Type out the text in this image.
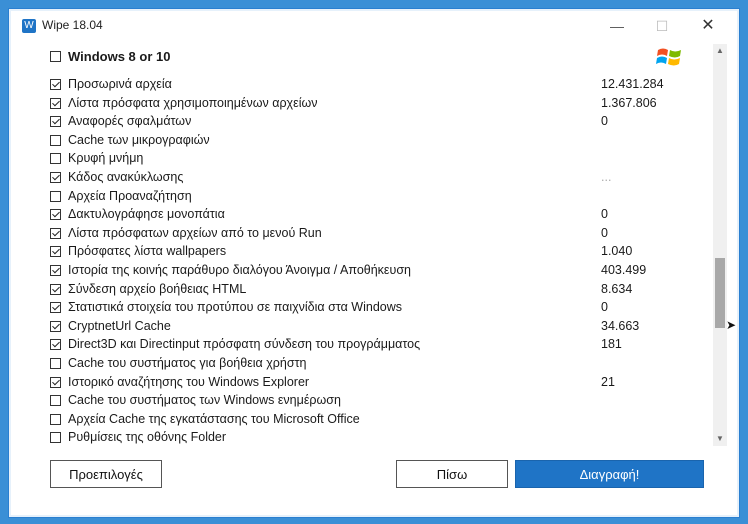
W Wipe 18.04	—	☐	✕
Windows 8 or 10
Προσωρινά αρχεία	12.431.284
Λίστα πρόσφατα χρησιμοποιημένων αρχείων	1.367.806
Αναφορές σφαλμάτων	0
Cache των μικρογραφιών
Κρυφή μνήμη
Κάδος ανακύκλωσης	...
Αρχεία Προαναζήτηση
Δακτυλογράφησε μονοπάτια	0
Λίστα πρόσφατων αρχείων από το μενού Run	0
Πρόσφατες λίστα wallpapers	1.040
Ιστορία της κοινής παράθυρο διαλόγου Άνοιγμα / Αποθήκευση	403.499
Σύνδεση αρχείο βοήθειας HTML	8.634
Στατιστικά στοιχεία του προτύπου σε παιχνίδια στα Windows	0
CryptnetUrl Cache	34.663
Direct3D και Directinput πρόσφατη σύνδεση του προγράμματος	181
Cache του συστήματος για βοήθεια χρήστη
Ιστορικό αναζήτησης του Windows Explorer	21
Cache του συστήματος των Windows ενημέρωση
Αρχεία Cache της εγκατάστασης του Microsoft Office
Ρυθμίσεις της οθόνης Folder
▲
▼
➤
Προεπιλογές	Πίσω	Διαγραφή!
